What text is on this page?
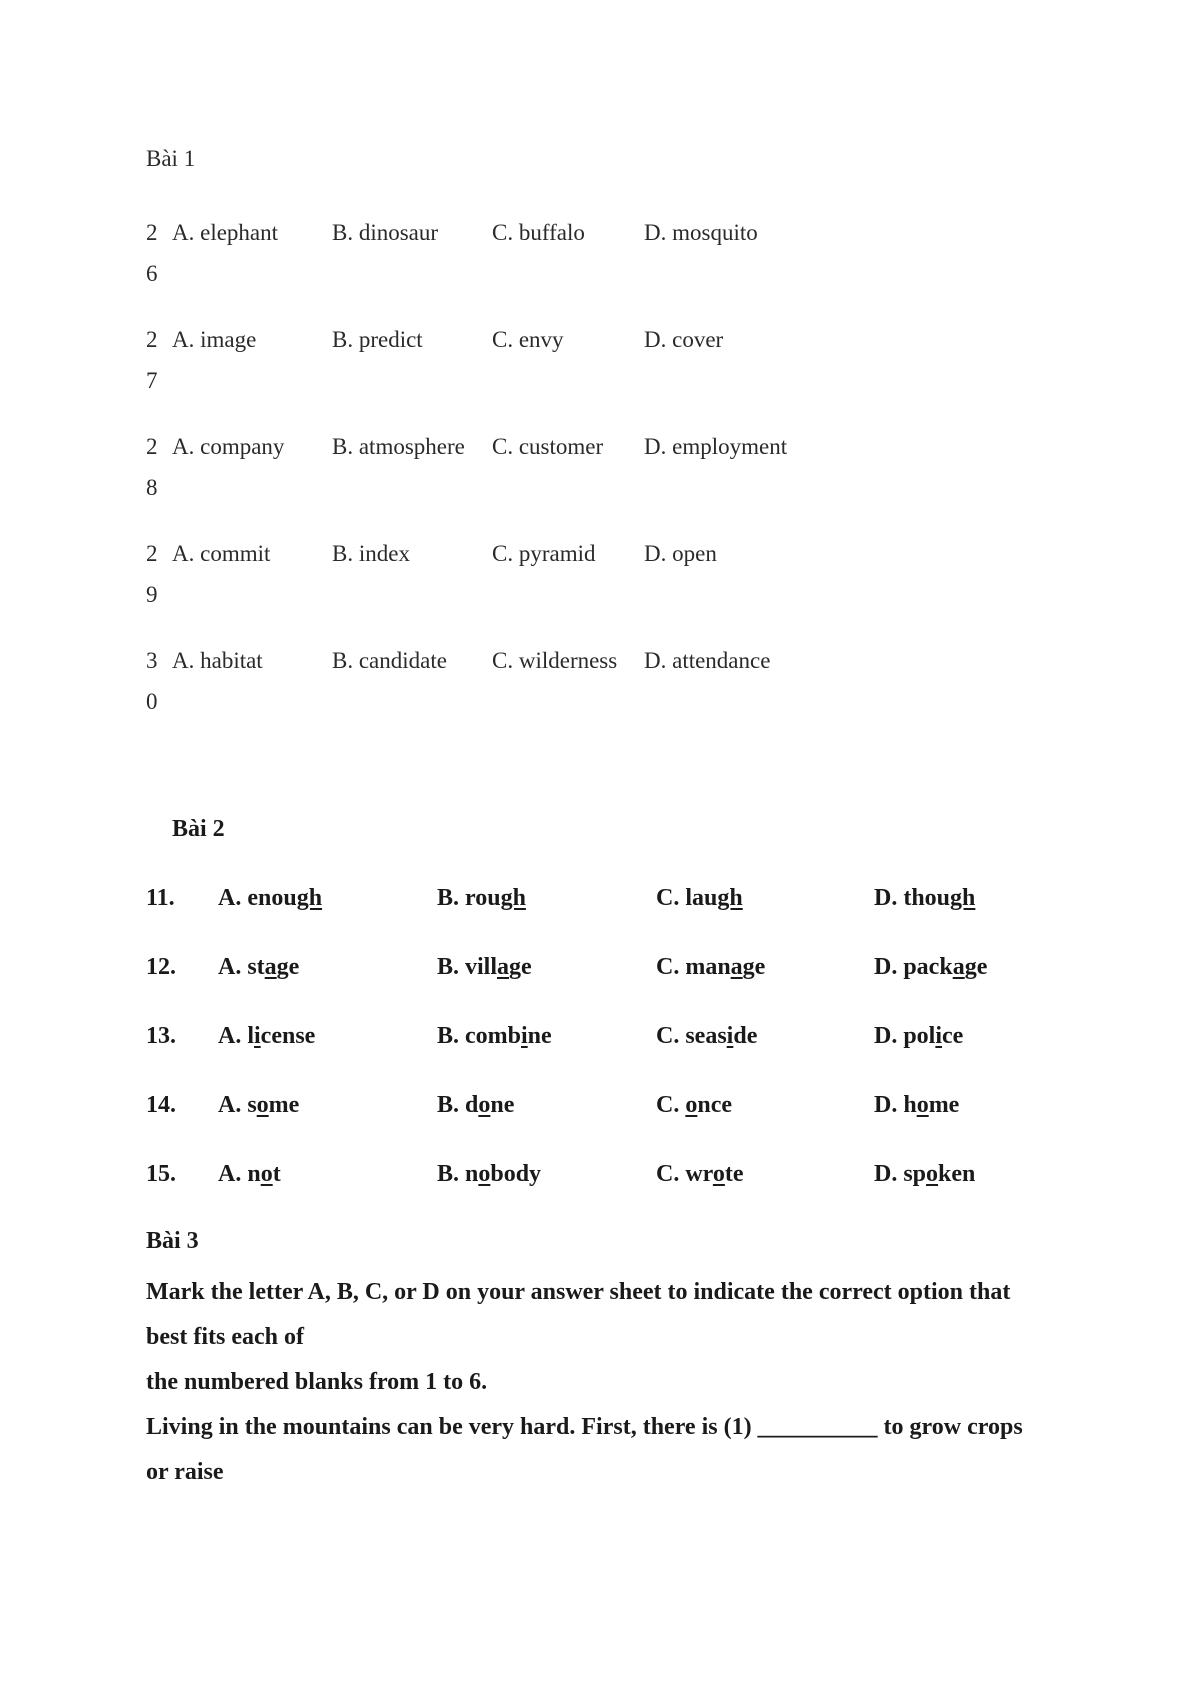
Bài 1
2
6
A. elephant B. dinosaur C. buffalo	D. mosquito
2
7
A. image	B. predict	C. envy	D. cover
2
8
A. company B. atmosphere C. customer D. employment
2
9
A. commit	B. index	C. pyramid D. open
3
0
A. habitat	B. candidate C. wilderness D. attendance
Bài 2
11. A. enough	B. rough	C. laugh	D. though
12. A. stage	B. village	C. manage	D. package
13. A. license	B. combine	C. seaside	D. police
14. A. some	B. done	C. once	D. home
15. A. not	B. nobody	C. wrote	D. spoken
Bài 3
Mark the letter A, B, C, or D on your answer sheet to indicate the correct option that
best fits each of
the numbered blanks from 1 to 6.
Living in the mountains can be very hard. First, there is (1) __________ to grow crops
or raise
